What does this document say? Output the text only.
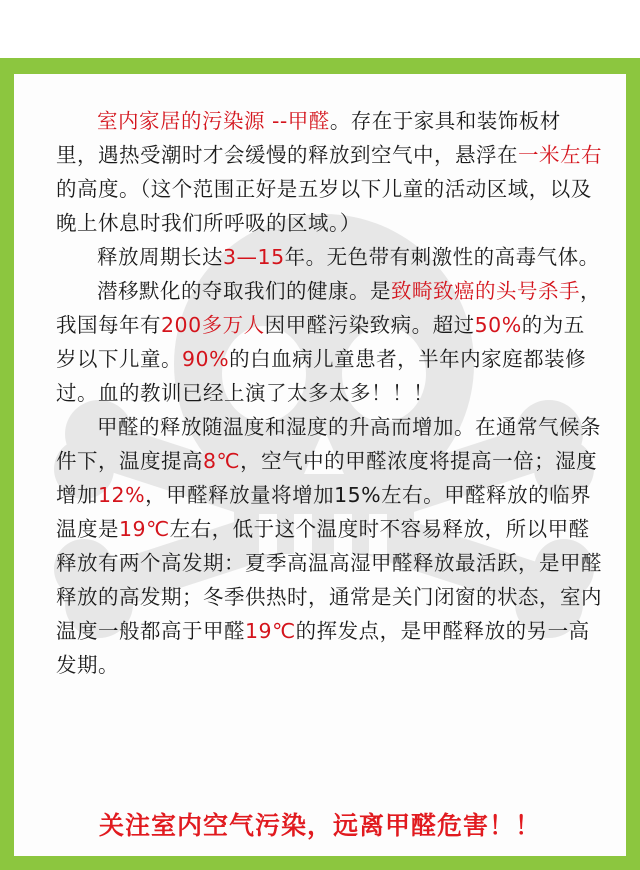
室内家居的污染源 --甲醛。存在于家具和装饰板材里，遇热受潮时才会缓慢的释放到空气中，悬浮在一米左右的高度。（这个范围正好是五岁以下儿童的活动区域，以及晚上休息时我们所呼吸的区域。）

释放周期长达3—15年。无色带有刺激性的高毒气体。

潜移默化的夺取我们的健康。是致畸致癌的头号杀手，我国每年有200多万人因甲醛污染致病。超过50%的为五岁以下儿童。90%的白血病儿童患者，半年内家庭都装修过。血的教训已经上演了太多太多！！！

甲醛的释放随温度和湿度的升高而增加。在通常气候条件下，温度提高8℃，空气中的甲醛浓度将提高一倍；湿度增加12%，甲醛释放量将增加15%左右。甲醛释放的临界温度是19℃左右，低于这个温度时不容易释放，所以甲醛释放有两个高发期：夏季高温高湿甲醛释放最活跃，是甲醛释放的高发期；冬季供热时，通常是关门闭窗的状态，室内温度一般都高于甲醛19℃的挥发点，是甲醛释放的另一高发期。

关注室内空气污染，远离甲醛危害！！
